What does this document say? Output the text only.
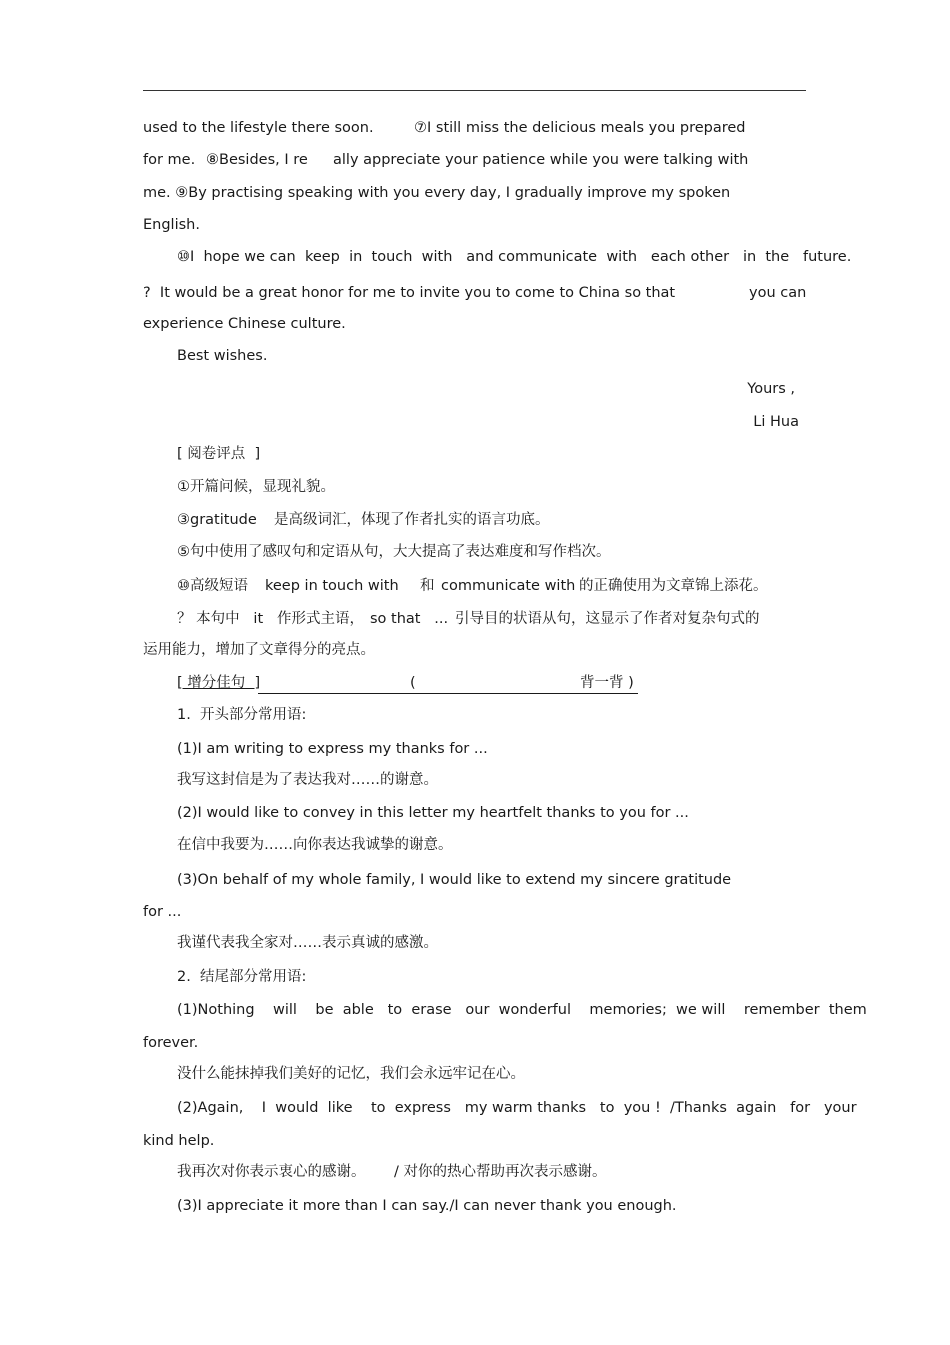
used to the lifestyle there soon.	⑦I still miss the delicious meals you prepared
for me. ⑧Besides, I re ally appreciate your patience while you were talking with
me. ⑨By practising speaking with you every day, I gradually improve my spoken
English.
⑩I  hope we can  keep  in  touch  with   and communicate  with   each other   in  the   future.
?  It would be a great honor for me to invite you to come to China so that	you can
experience Chinese culture.
Best wishes.
Yours ,
Li Hua
[ 阅卷评点  ]
①开篇问候，显现礼貌。
③gratitude 是高级词汇，体现了作者扎实的语言功底。
⑤句中使用了感叹句和定语从句，大大提高了表达难度和写作档次。
⑩高级短语 keep in touch with 和 communicate with 的正确使用为文章锦上添花。
？ 本句中   it   作形式主语， so that   ... 引导目的状语从句，这显示了作者对复杂句式的
运用能力，增加了文章得分的亮点。
[ 增分佳句  ]	(	背一背 )
1.  开头部分常用语:
(1)I am writing to express my thanks for ...
我写这封信是为了表达我对……的谢意。
(2)I would like to convey in this letter my heartfelt thanks to you for ...
在信中我要为……向你表达我诚挚的谢意。
(3)On behalf of my whole family, I would like to extend my sincere gratitude
for ...
我谨代表我全家对……表示真诚的感激。
2.  结尾部分常用语:
(1)Nothing    will    be  able   to  erase   our  wonderful    memories;  we will    remember  them
forever.
没什么能抹掉我们美好的记忆，我们会永远牢记在心。
(2)Again,    I  would  like    to  express   my warm thanks   to  you !  /Thanks  again   for   your
kind help.
我再次对你表示衷心的感谢。 / 对你的热心帮助再次表示感谢。
(3)I appreciate it more than I can say./I can never thank you enough.
